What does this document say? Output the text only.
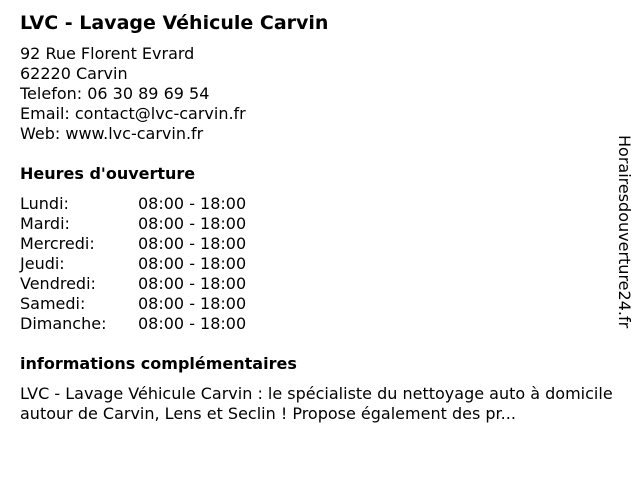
LVC - Lavage Véhicule Carvin
92 Rue Florent Evrard
62220 Carvin
Telefon: 06 30 89 69 54
Email: contact@lvc-carvin.fr
Web: www.lvc-carvin.fr
Heures d'ouverture
Lundi:	08:00 - 18:00
Mardi:	08:00 - 18:00
Mercredi:	08:00 - 18:00
Jeudi:	08:00 - 18:00
Vendredi:	08:00 - 18:00
Samedi:	08:00 - 18:00
Dimanche:	08:00 - 18:00
informations complémentaires
LVC - Lavage Véhicule Carvin : le spécialiste du nettoyage auto à domicile autour de Carvin, Lens et Seclin ! Propose également des pr...
Horairesdouverture24.fr
